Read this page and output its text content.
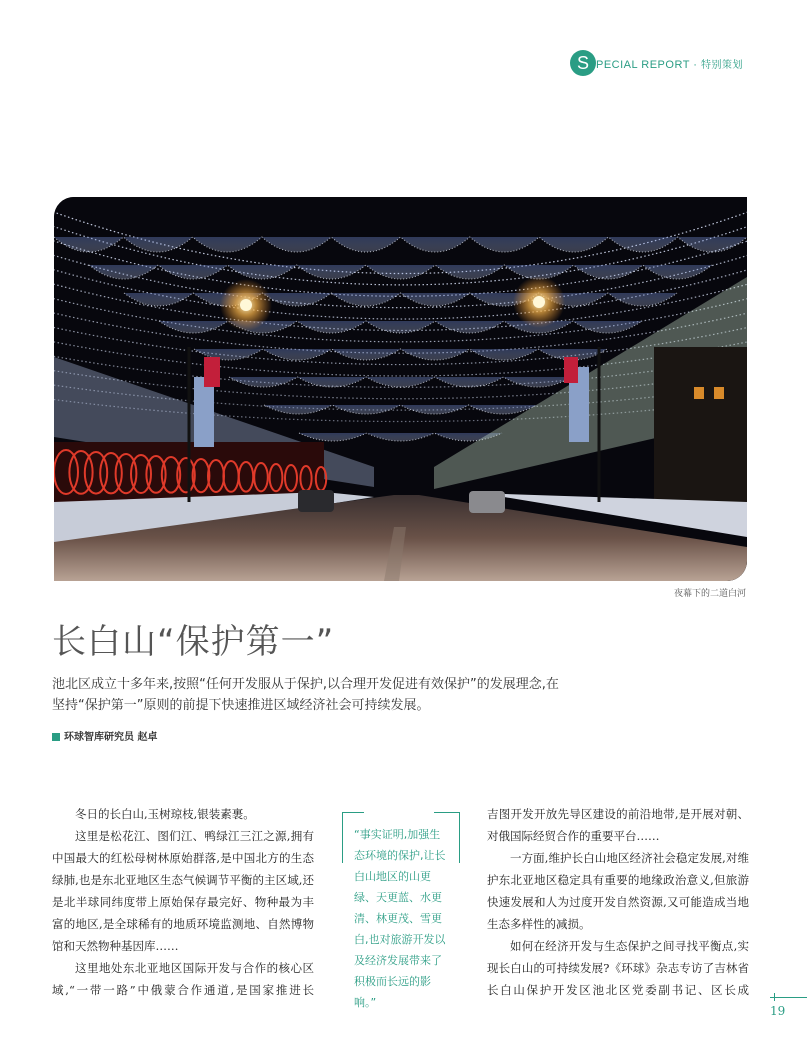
S PECIAL REPORT · 特别策划
夜幕下的二道白河
长白山“保护第一”

池北区成立十多年来,按照“任何开发服从于保护,以合理开发促进有效保护”的发展理念,在

坚持“保护第一”原则的前提下快速推进区域经济社会可持续发展。

环球智库研究员 赵卓

冬日的长白山,玉树琼枝,银装素裹。

这里是松花江、图们江、鸭绿江三江之源,拥有中国最大的红松母树林原始群落,是中国北方的生态绿肺,也是东北亚地区生态气候调节平衡的主区域,还是北半球同纬度带上原始保存最完好、物种最为丰富的地区,是全球稀有的地质环境监测地、自然博物馆和天然物种基因库……

这里地处东北亚地区国际开发与合作的核心区域,“一带一路”中俄蒙合作通道,是国家推进长

“事实证明,加强生态环境的保护,让长白山地区的山更绿、天更蓝、水更清、林更茂、雪更白,也对旅游开发以及经济发展带来了积极而长远的影响。”

吉图开发开放先导区建设的前沿地带,是开展对朝、对俄国际经贸合作的重要平台……

一方面,维护长白山地区经济社会稳定发展,对维护东北亚地区稳定具有重要的地缘政治意义,但旅游快速发展和人为过度开发自然资源,又可能造成当地生态多样性的减损。

如何在经济开发与生态保护之间寻找平衡点,实现长白山的可持续发展?《环球》杂志专访了吉林省长白山保护开发区池北区党委副书记、区长成

19
